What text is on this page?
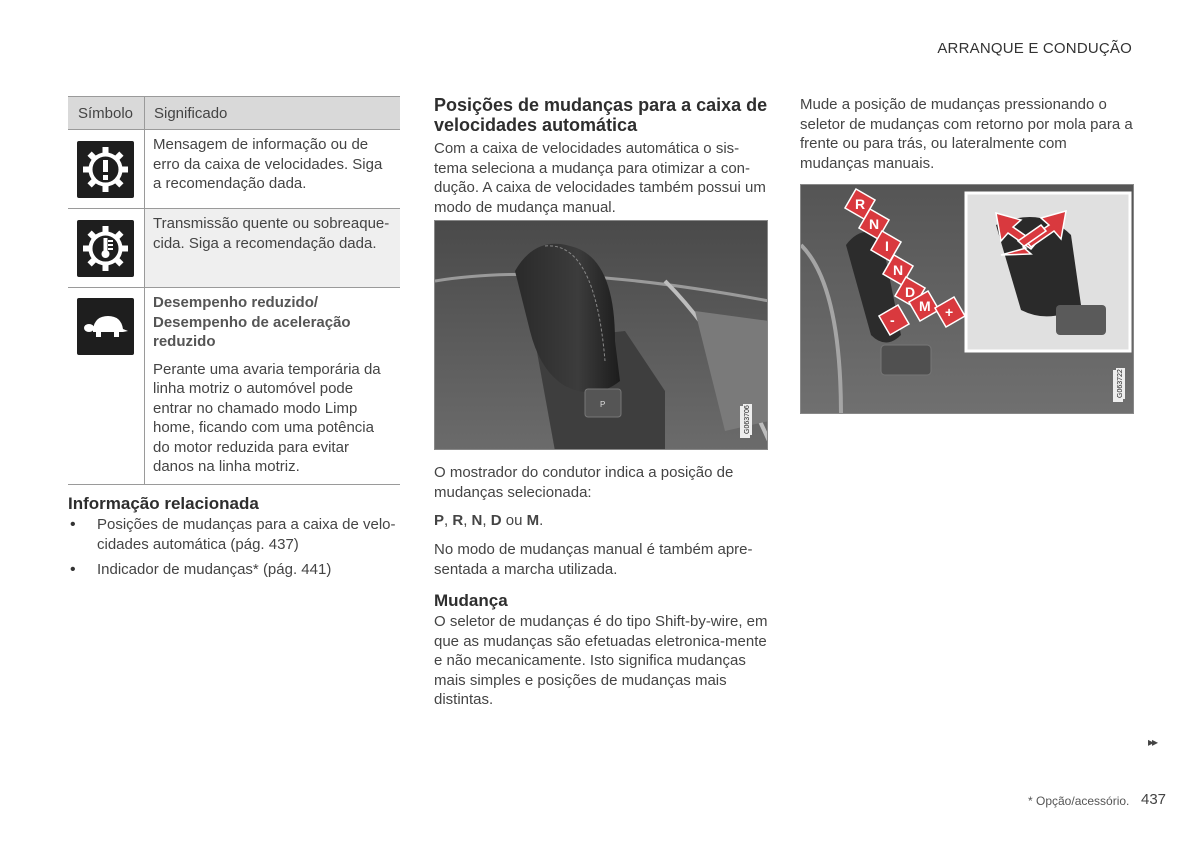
ARRANQUE E CONDUÇÃO
Símbolo	Significado
Mensagem de informação ou de erro da caixa de velocidades. Siga a recomendação dada.
Transmissão quente ou sobreaque-cida. Siga a recomendação dada.
Desempenho reduzido/ Desempenho de aceleração reduzido
Perante uma avaria temporária da linha motriz o automóvel pode entrar no chamado modo Limp home, ficando com uma potência do motor reduzida para evitar danos na linha motriz.
Informação relacionada
• Posições de mudanças para a caixa de velo-cidades automática (pág. 437)
• Indicador de mudanças* (pág. 441)
Posições de mudanças para a caixa de velocidades automática
Com a caixa de velocidades automática o sis-tema seleciona a mudança para otimizar a con-dução. A caixa de velocidades também possui um modo de mudança manual.
P
G063706
O mostrador do condutor indica a posição de mudanças selecionada:
P, R, N, D ou M.
No modo de mudanças manual é também apre-sentada a marcha utilizada.
Mudança
O seletor de mudanças é do tipo Shift-by-wire, em que as mudanças são efetuadas eletronica-mente e não mecanicamente. Isto significa mudanças mais simples e posições de mudanças mais distintas.
Mude a posição de mudanças pressionando o seletor de mudanças com retorno por mola para a frente ou para trás, ou lateralmente com mudanças manuais.
R
N
I
N
D
M
-	+
G063722
▸▸
* Opção/acessório. 437
